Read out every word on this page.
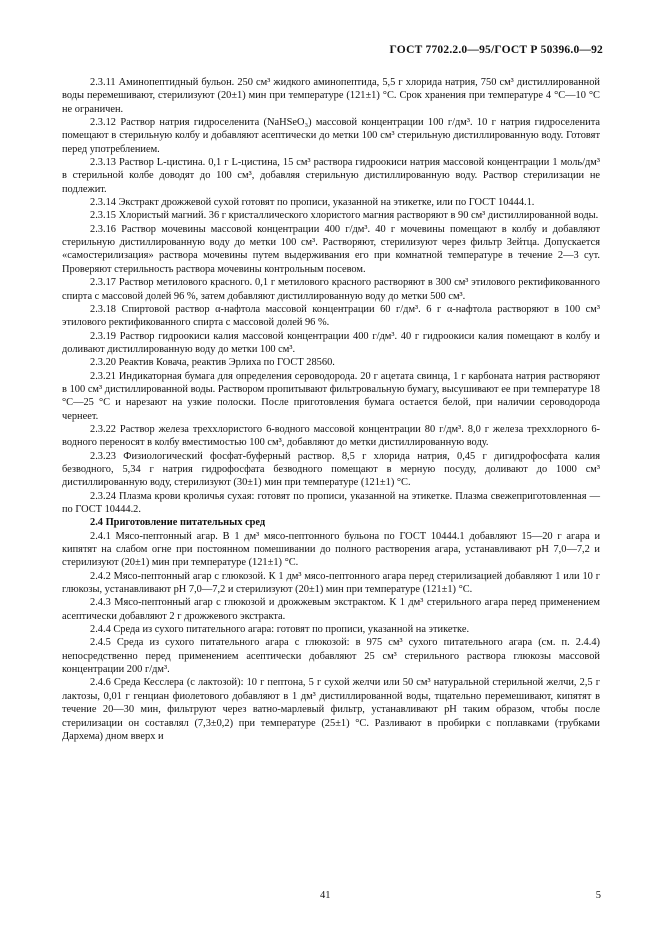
ГОСТ 7702.2.0—95/ГОСТ Р 50396.0—92

2.3.11 Аминопептидный бульон. 250 см³ жидкого аминопептида, 5,5 г хлорида натрия, 750 см³ дистиллированной воды перемешивают, стерилизуют (20±1) мин при температуре (121±1) °С. Срок хранения при температуре 4 °С—10 °С не ограничен.

2.3.12 Раствор натрия гидроселенита (NaHSeO₃) массовой концентрации 100 г/дм³. 10 г натрия гидроселенита помещают в стерильную колбу и добавляют асептически до метки 100 см³ стерильную дистиллированную воду. Готовят перед употреблением.

2.3.13 Раствор L-цистина. 0,1 г L-цистина, 15 см³ раствора гидроокиси натрия массовой концентрации 1 моль/дм³ в стерильной колбе доводят до 100 см³, добавляя стерильную дистиллированную воду. Раствор стерилизации не подлежит.

2.3.14 Экстракт дрожжевой сухой готовят по прописи, указанной на этикетке, или по ГОСТ 10444.1.

2.3.15 Хлористый магний. 36 г кристаллического хлористого магния растворяют в 90 см³ дистиллированной воды.

2.3.16 Раствор мочевины массовой концентрации 400 г/дм³. 40 г мочевины помещают в колбу и добавляют стерильную дистиллированную воду до метки 100 см³. Растворяют, стерилизуют через фильтр Зейтца. Допускается «самостерилизация» раствора мочевины путем выдерживания его при комнатной температуре в течение 2—3 сут. Проверяют стерильность раствора мочевины контрольным посевом.

2.3.17 Раствор метилового красного. 0,1 г метилового красного растворяют в 300 см³ этилового ректификованного спирта с массовой долей 96 %, затем добавляют дистиллированную воду до метки 500 см³.

2.3.18 Спиртовой раствор α-нафтола массовой концентрации 60 г/дм³. 6 г α-нафтола растворяют в 100 см³ этилового ректификованного спирта с массовой долей 96 %.

2.3.19 Раствор гидроокиси калия массовой концентрации 400 г/дм³. 40 г гидроокиси калия помещают в колбу и доливают дистиллированную воду до метки 100 см³.

2.3.20 Реактив Ковача, реактив Эрлиха по ГОСТ 28560.

2.3.21 Индикаторная бумага для определения сероводорода. 20 г ацетата свинца, 1 г карбоната натрия растворяют в 100 см³ дистиллированной воды. Раствором пропитывают фильтровальную бумагу, высушивают ее при температуре 18 °С—25 °С и нарезают на узкие полоски. После приготовления бумага остается белой, при наличии сероводорода чернеет.

2.3.22 Раствор железа треххлористого 6-водного массовой концентрации 80 г/дм³. 8,0 г железа треххлорного 6-водного переносят в колбу вместимостью 100 см³, добавляют до метки дистиллированную воду.

2.3.23 Физиологический фосфат-буферный раствор. 8,5 г хлорида натрия, 0,45 г дигидрофосфата калия безводного, 5,34 г натрия гидрофосфата безводного помещают в мерную посуду, доливают до 1000 см³ дистиллированную воду, стерилизуют (30±1) мин при температуре (121±1) °С.

2.3.24 Плазма крови кроличья сухая: готовят по прописи, указанной на этикетке. Плазма свежеприготовленная — по ГОСТ 10444.2.

2.4 Приготовление питательных сред

2.4.1 Мясо-пептонный агар. В 1 дм³ мясо-пептонного бульона по ГОСТ 10444.1 добавляют 15—20 г агара и кипятят на слабом огне при постоянном помешивании до полного растворения агара, устанавливают pH 7,0—7,2 и стерилизуют (20±1) мин при температуре (121±1) °С.

2.4.2 Мясо-пептонный агар с глюкозой. К 1 дм³ мясо-пептонного агара перед стерилизацией добавляют 1 или 10 г глюкозы, устанавливают pH 7,0—7,2 и стерилизуют (20±1) мин при температуре (121±1) °С.

2.4.3 Мясо-пептонный агар с глюкозой и дрожжевым экстрактом. К 1 дм³ стерильного агара перед применением асептически добавляют 2 г дрожжевого экстракта.

2.4.4 Среда из сухого питательного агара: готовят по прописи, указанной на этикетке.

2.4.5 Среда из сухого питательного агара с глюкозой: в 975 см³ сухого питательного агара (см. п. 2.4.4) непосредственно перед применением асептически добавляют 25 см³ стерильного раствора глюкозы массовой концентрации 200 г/дм³.

2.4.6 Среда Кесслера (с лактозой): 10 г пептона, 5 г сухой желчи или 50 см³ натуральной стерильной желчи, 2,5 г лактозы, 0,01 г генциан фиолетового добавляют в 1 дм³ дистиллированной воды, тщательно перемешивают, кипятят в течение 20—30 мин, фильтруют через ватно-марлевый фильтр, устанавливают pH таким образом, чтобы после стерилизации он составлял (7,3±0,2) при температуре (25±1) °С. Разливают в пробирки с поплавками (трубками Дархема) дном вверх и

41	5
